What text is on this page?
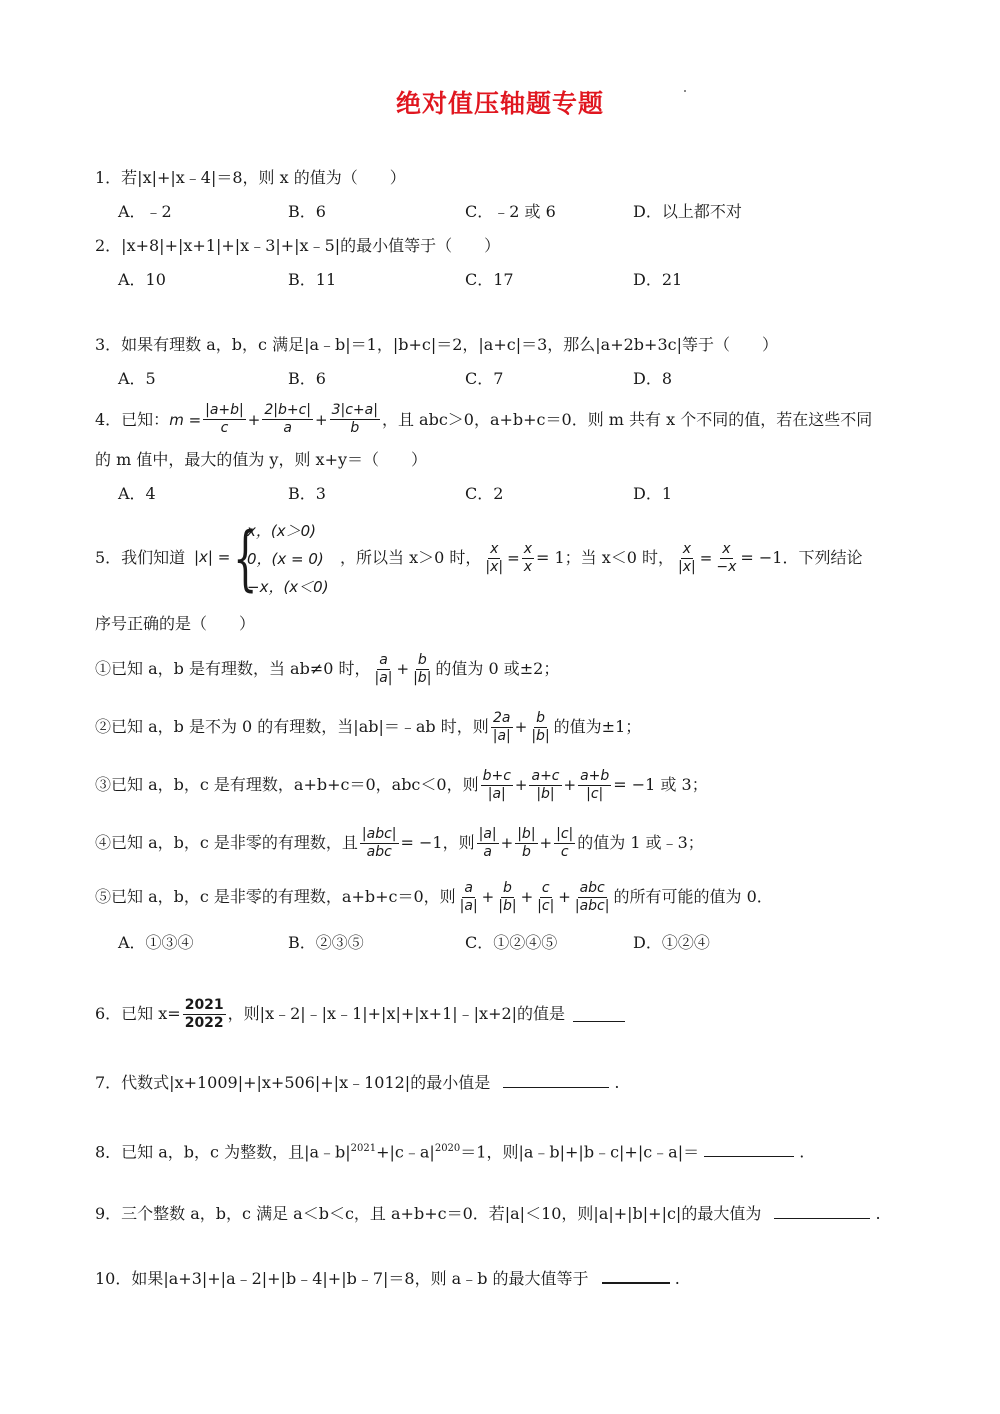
绝对值压轴题专题
1．若|x|+|x﹣4|＝8，则 x 的值为（　　）
A．﹣2	B．6	C．﹣2 或 6	D．以上都不对
2．|x+8|+|x+1|+|x﹣3|+|x﹣5|的最小值等于（　　）
A．10	B．11	C．17	D．21
3．如果有理数 a，b，c 满足|a﹣b|＝1，|b+c|＝2，|a+c|＝3，那么|a+2b+3c|等于（　　）
A．5	B．6	C．7	D．8
4．已知： $m = \frac{|a+b|}{c} + \frac{2|b+c|}{a} + \frac{3|c+a|}{b}$ ，且 abc＞0，a+b+c＝0．则 m 共有 x 个不同的值，若在这些不同
的 m 值中，最大的值为 y，则 x+y＝（　　）
A．4	B．3	C．2	D．1
5．我们知道 |x| = {
x，(x＞0)
0，(x = 0)
−x，(x＜0)
，所以当 x＞0 时， $\frac{x}{|x|} = \frac{x}{x} = 1$；当 x＜0 时， $\frac{x}{|x|} = \frac{x}{-x} = -1$．下列结论
序号正确的是（　　）
①已知 a，b 是有理数，当 ab≠0 时， $\frac{a}{|a|} + \frac{b}{|b|}$ 的值为 0 或±2；
②已知 a，b 是不为 0 的有理数，当|ab|＝﹣ab 时，则 $\frac{2a}{|a|} + \frac{b}{|b|}$ 的值为±1；
③已知 a，b，c 是有理数，a+b+c＝0，abc＜0，则 $\frac{b+c}{|a|} + \frac{a+c}{|b|} + \frac{a+b}{|c|} = -1$ 或 3；
④已知 a，b，c 是非零的有理数，且 $\frac{\text{|abc|}}{\text{abc}} = -1$，则 $\frac{|a|}{a} + \frac{|b|}{b} + \frac{|c|}{c}$ 的值为 1 或﹣3；
⑤已知 a，b，c 是非零的有理数，a+b+c＝0，则 $\frac{a}{|a|} + \frac{b}{|b|} + \frac{c}{|c|} + \frac{\text{abc}}{\text{|abc|}}$ 的所有可能的值为 0．
A．①③④	B．②③⑤	C．①②④⑤	D．①②④
6．已知 $x= \frac{2021}{2022}$ ，则|x﹣2|﹣|x﹣1|+|x|+|x+1|﹣|x+2|的值是
7．代数式|x+1009|+|x+506|+|x﹣1012|的最小值是	.
8．已知 a，b，c 为整数，且$|a﹣b|^{2021}+|c﹣a|^{2020}=1$，则|a﹣b|+|b﹣c|+|c﹣a|＝	.
9．三个整数 a，b，c 满足 a＜b＜c，且 a+b+c＝0．若|a|＜10，则|a|+|b|+|c|的最大值为	.
10．如果|a+3|+|a﹣2|+|b﹣4|+|b﹣7|＝8，则 a﹣b 的最大值等于	.
